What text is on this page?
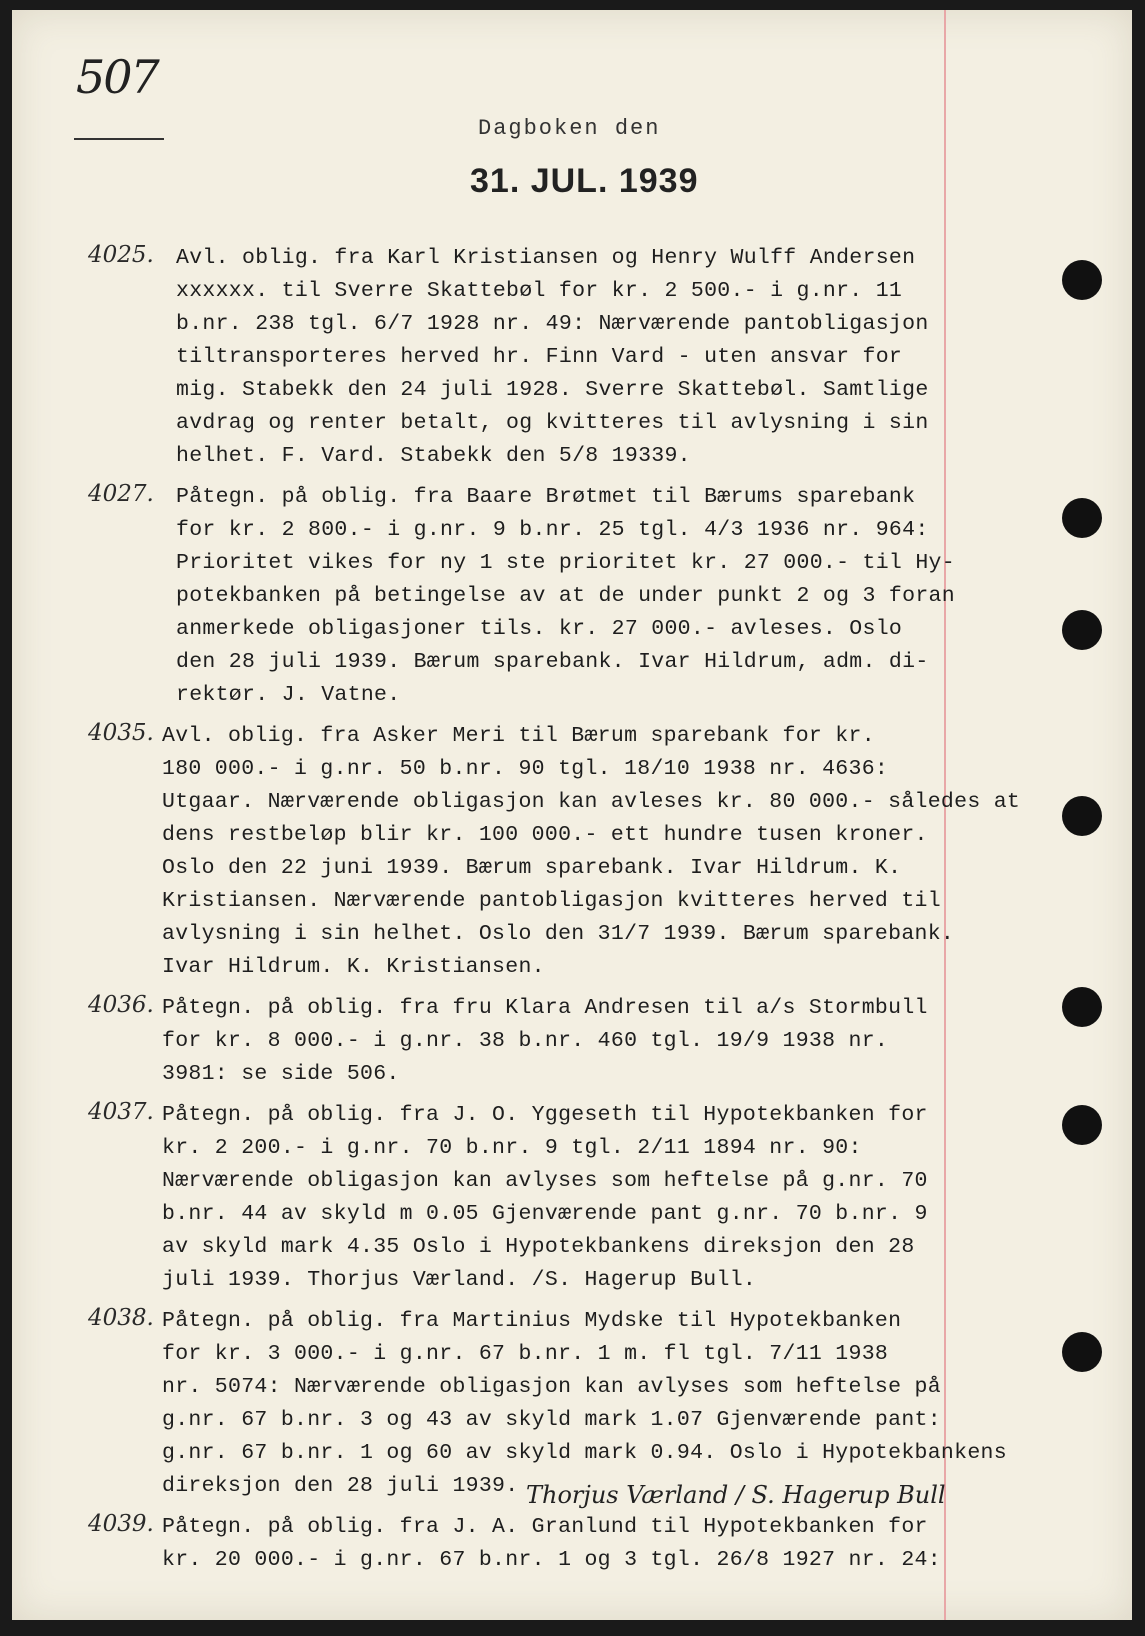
507
Dagboken den
31. JUL. 1939
4025. Avl. oblig. fra Karl Kristiansen og Henry Wulff Andersen
xxxxxx. til Sverre Skattebøl for kr. 2 500.- i g.nr. 11
b.nr. 238 tgl. 6/7 1928 nr. 49: Nærværende pantobligasjon
tiltransporteres herved hr. Finn Vard - uten ansvar for
mig. Stabekk den 24 juli 1928. Sverre Skattebøl. Samtlige
avdrag og renter betalt, og kvitteres til avlysning i sin
helhet. F. Vard. Stabekk den 5/8 19339.
4027. Påtegn. på oblig. fra Baare Brøtmet til Bærums sparebank
for kr. 2 800.- i g.nr. 9 b.nr. 25 tgl. 4/3 1936 nr. 964:
Prioritet vikes for ny 1 ste prioritet kr. 27 000.- til Hy-
potekbanken på betingelse av at de under punkt 2 og 3 foran
anmerkede obligasjoner tils. kr. 27 000.- avleses. Oslo
den 28 juli 1939. Bærum sparebank. Ivar Hildrum, adm. di-
rektør. J. Vatne.
4035. Avl. oblig. fra Asker Meri til Bærum sparebank for kr.
180 000.- i g.nr. 50 b.nr. 90 tgl. 18/10 1938 nr. 4636:
Utgaar. Nærværende obligasjon kan avleses kr. 80 000.- således at
dens restbeløp blir kr. 100 000.- ett hundre tusen kroner.
Oslo den 22 juni 1939. Bærum sparebank. Ivar Hildrum. K.
Kristiansen. Nærværende pantobligasjon kvitteres herved til
avlysning i sin helhet. Oslo den 31/7 1939. Bærum sparebank.
Ivar Hildrum. K. Kristiansen.
4036. Påtegn. på oblig. fra fru Klara Andresen til a/s Stormbull
for kr. 8 000.- i g.nr. 38 b.nr. 460 tgl. 19/9 1938 nr.
3981: se side 506.
4037. Påtegn. på oblig. fra J. O. Yggeseth til Hypotekbanken for
kr. 2 200.- i g.nr. 70 b.nr. 9 tgl. 2/11 1894 nr. 90:
Nærværende obligasjon kan avlyses som heftelse på g.nr. 70
b.nr. 44 av skyld m 0.05 Gjenværende pant g.nr. 70 b.nr. 9
av skyld mark 4.35 Oslo i Hypotekbankens direksjon den 28
juli 1939. Thorjus Værland. /S. Hagerup Bull.
4038. Påtegn. på oblig. fra Martinius Mydske til Hypotekbanken
for kr. 3 000.- i g.nr. 67 b.nr. 1 m. fl tgl. 7/11 1938
nr. 5074: Nærværende obligasjon kan avlyses som heftelse på
g.nr. 67 b.nr. 3 og 43 av skyld mark 1.07 Gjenværende pant:
g.nr. 67 b.nr. 1 og 60 av skyld mark 0.94. Oslo i Hypotekbankens
direksjon den 28 juli 1939. Thorjus Værland / S. Hagerup Bull
4039. Påtegn. på oblig. fra J. A. Granlund til Hypotekbanken for
kr. 20 000.- i g.nr. 67 b.nr. 1 og 3 tgl. 26/8 1927 nr. 24:
